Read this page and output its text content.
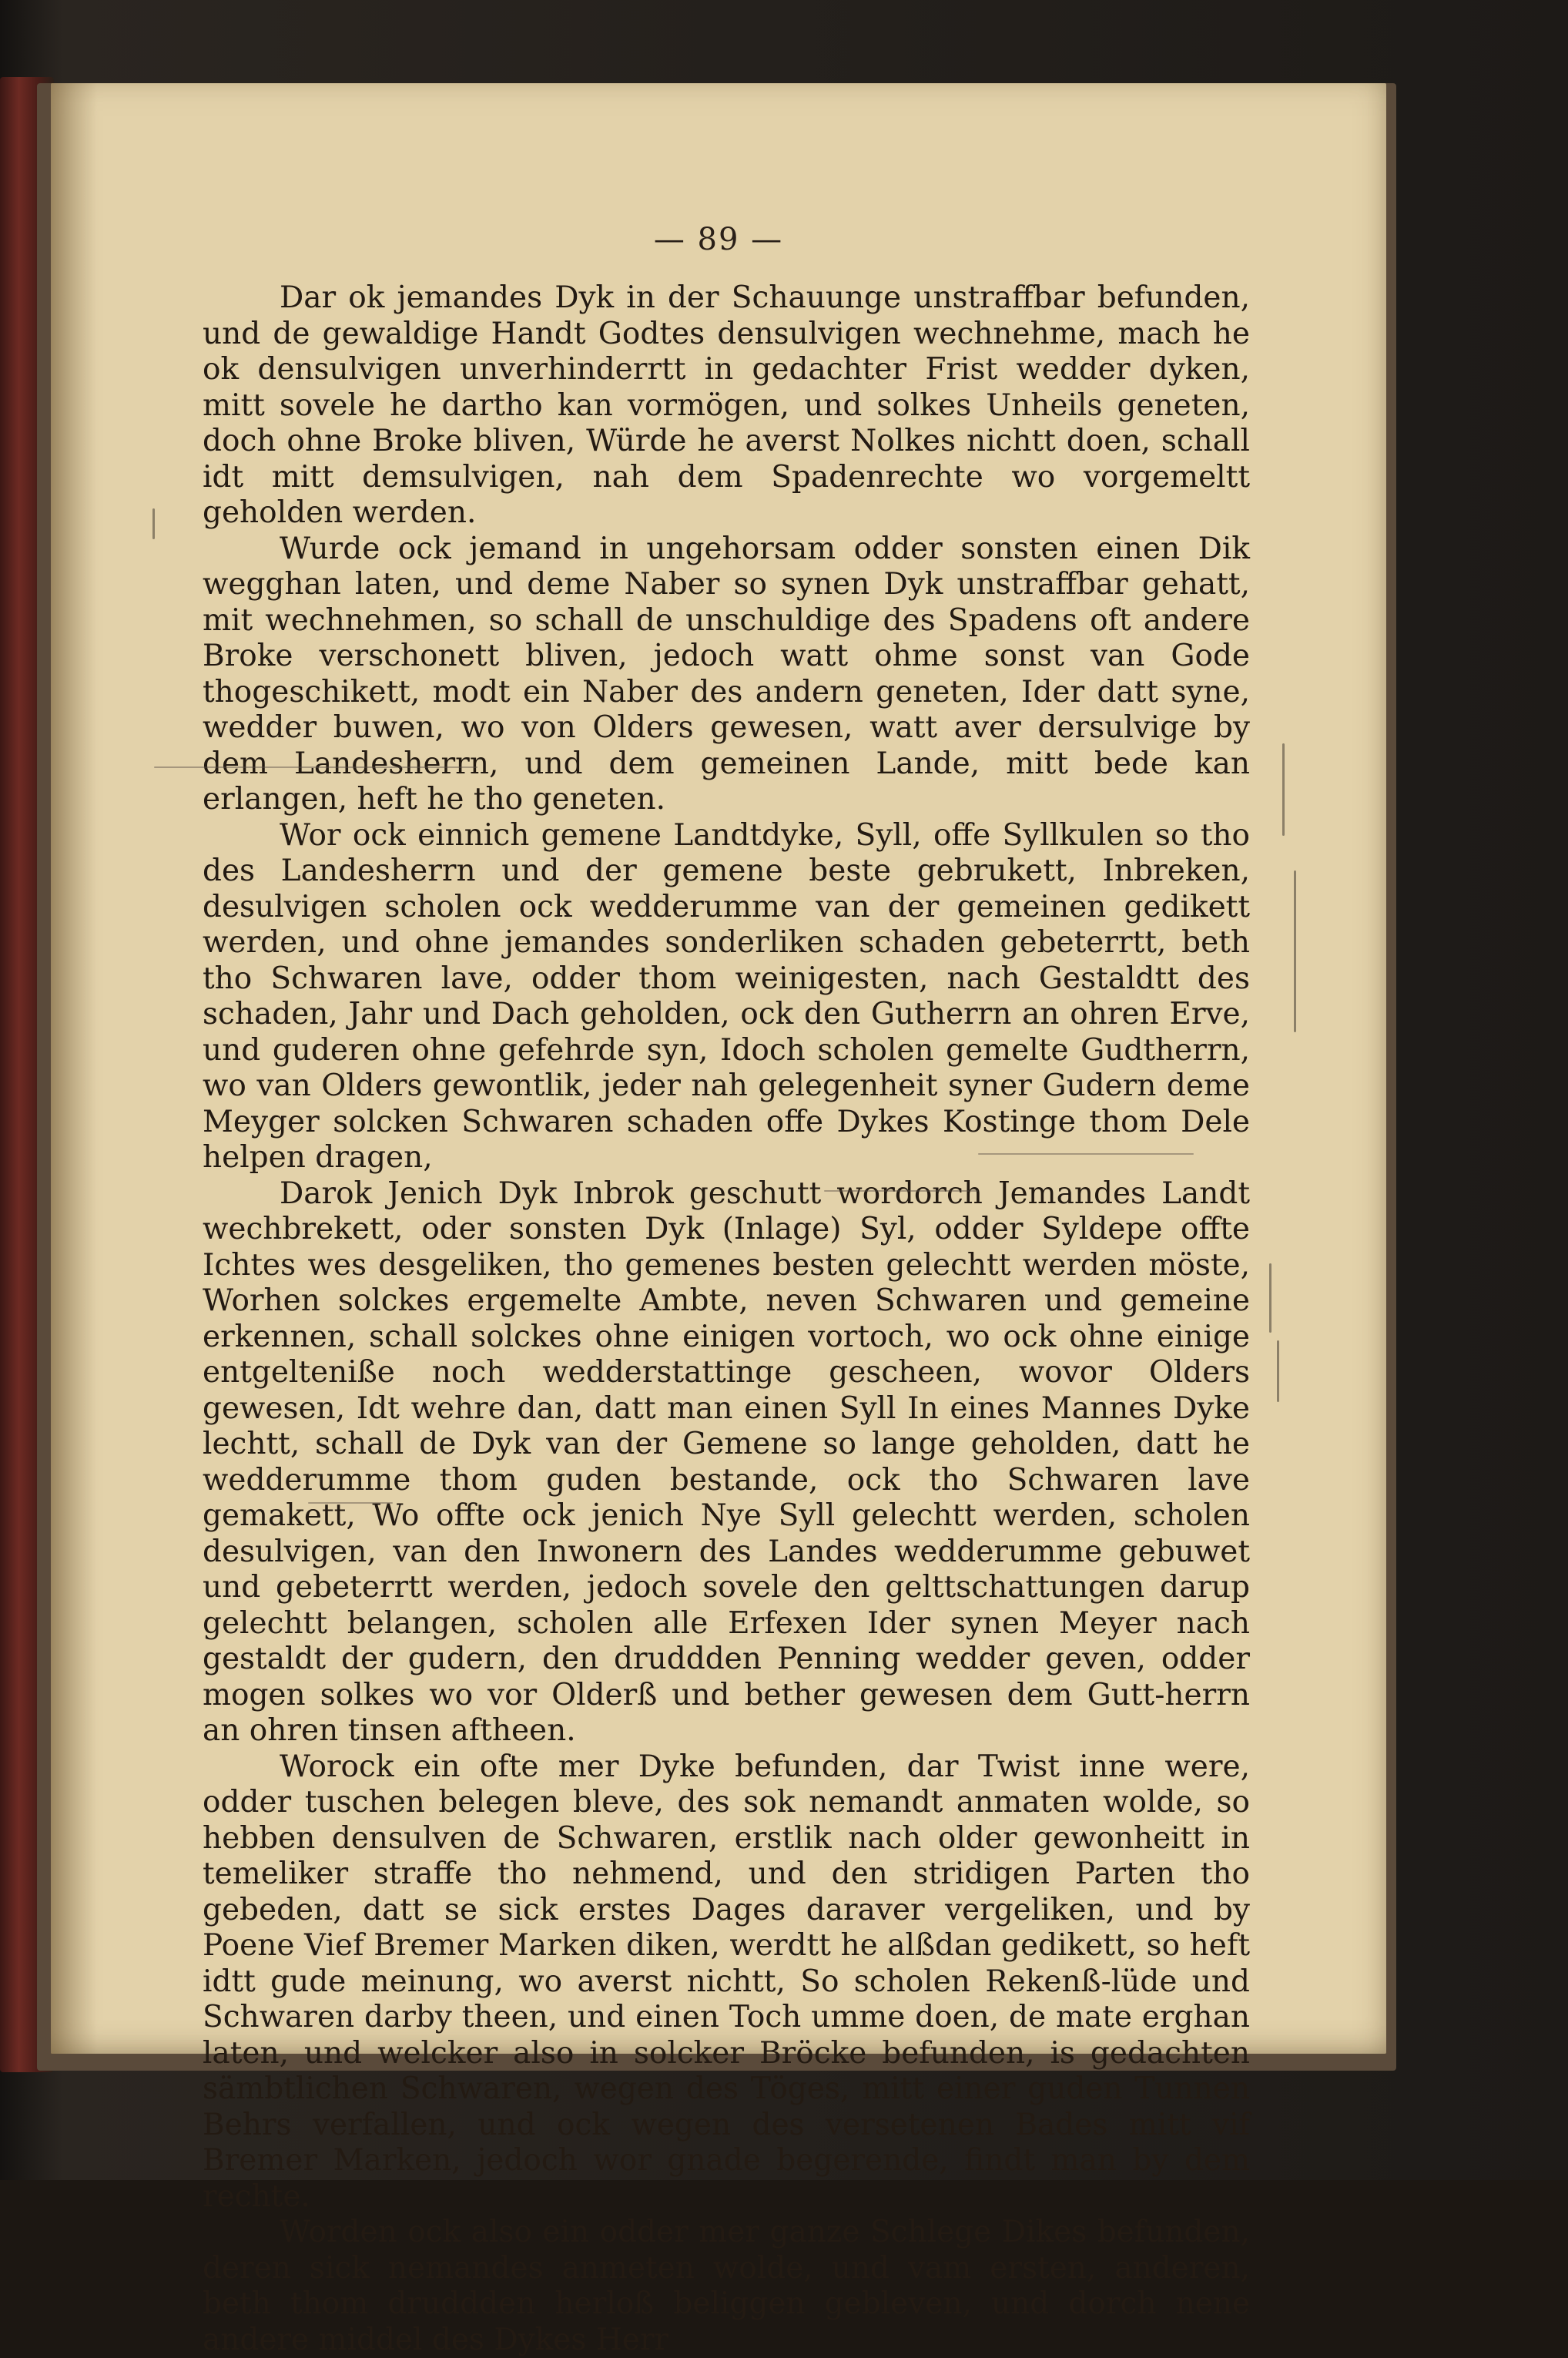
— 89 —

Dar ok jemandes Dyk in der Schauunge unstraffbar befunden, und de gewaldige Handt Godtes densulvigen wechnehme, mach he ok densulvigen unverhinderrtt in gedachter Frist wedder dyken, mitt sovele he dartho kan vormögen, und solkes Unheils geneten, doch ohne Broke bliven, Würde he averst Nolkes nichtt doen, schall idt mitt demsulvigen, nah dem Spadenrechte wo vorgemeltt geholden werden.

Wurde ock jemand in ungehorsam odder sonsten einen Dik wegghan laten, und deme Naber so synen Dyk unstraffbar gehatt, mit wechnehmen, so schall de unschuldige des Spadens oft andere Broke verschonett bliven, jedoch watt ohme sonst van Gode thogeschikett, modt ein Naber des andern geneten, Ider datt syne, wedder buwen, wo von Olders gewesen, watt aver dersulvige by dem Landesherrn, und dem gemeinen Lande, mitt bede kan erlangen, heft he tho geneten.

Wor ock einnich gemene Landtdyke, Syll, offe Syllkulen so tho des Landesherrn und der gemene beste gebrukett, Inbreken, desulvigen scholen ock wedderumme van der gemeinen gedikett werden, und ohne jemandes sonderliken schaden gebeterrtt, beth tho Schwaren lave, odder thom weinigesten, nach Gestaldtt des schaden, Jahr und Dach geholden, ock den Gutherrn an ohren Erve, und guderen ohne gefehrde syn, Idoch scholen gemelte Gudtherrn, wo van Olders gewontlik, jeder nah gelegenheit syner Gudern deme Meyger solcken Schwaren schaden offe Dykes Kostinge thom Dele helpen dragen,

Darok Jenich Dyk Inbrok geschutt wordorch Jemandes Landt wechbrekett, oder sonsten Dyk (Inlage) Syl, odder Syldepe offte Ichtes wes desgeliken, tho gemenes besten gelechtt werden möste, Worhen solckes ergemelte Ambte, neven Schwaren und gemeine erkennen, schall solckes ohne einigen vortoch, wo ock ohne einige entgelteniße noch wedderstattinge gescheen, wovor Olders gewesen, Idt wehre dan, datt man einen Syll In eines Mannes Dyke lechtt, schall de Dyk van der Gemene so lange geholden, datt he wedderumme thom guden bestande, ock tho Schwaren lave gemakett, Wo offte ock jenich Nye Syll gelechtt werden, scholen desulvigen, van den Inwonern des Landes wedderumme gebuwet und gebeterrtt werden, jedoch sovele den gelttschattungen darup gelechtt belangen, scholen alle Erfexen Ider synen Meyer nach gestaldt der gudern, den druddden Penning wedder geven, odder mogen solkes wo vor Olderß und bether gewesen dem Gutt-herrn an ohren tinsen aftheen.

Worock ein ofte mer Dyke befunden, dar Twist inne were, odder tuschen belegen bleve, des sok nemandt anmaten wolde, so hebben densulven de Schwaren, erstlik nach older gewonheitt in temeliker straffe tho nehmend, und den stridigen Parten tho gebeden, datt se sick erstes Dages daraver vergeliken, und by Poene Vief Bremer Marken diken, werdtt he alßdan gedikett, so heft idtt gude meinung, wo averst nichtt, So scholen Rekenß-lüde und Schwaren darby theen, und einen Toch umme doen, de mate erghan laten, und welcker also in solcker Bröcke befunden, is gedachten sämbtlichen Schwaren, wegen des Töges, mitt einer guden Tunnen Behrs verfallen, und ock wegen des versetenen Bades mitt vif Bremer Marken, jedoch wor gnade begerende, findt man by dem rechte.

Worden ock also ein odder mer ganze Schlege Dikes befunden, deren sick nemandes anmeten wolde, und vam ersten, anderen, beth thom druddden herloß beliggen gebleven, und dorch nene andere middel des Dykes Herr
